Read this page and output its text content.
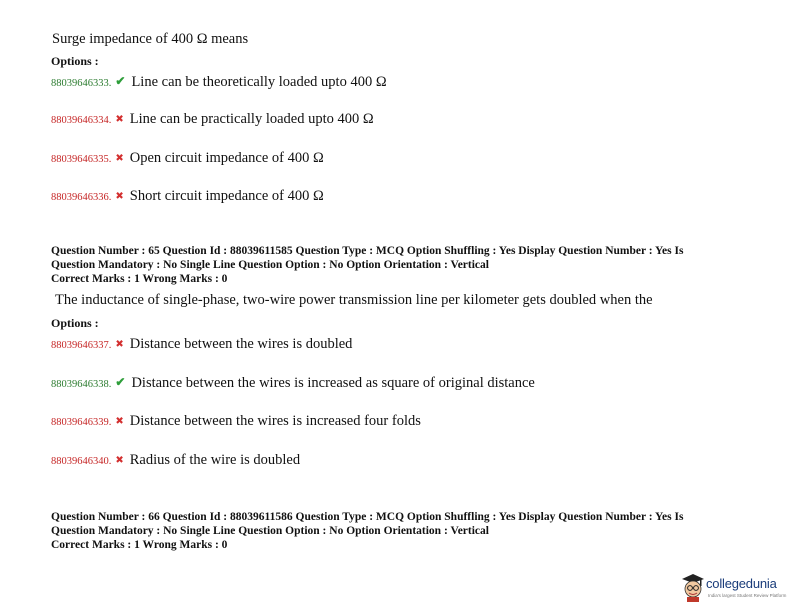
Surge impedance of 400 Ω means
Options :
88039646333. ✔ Line can be theoretically loaded upto 400 Ω
88039646334. ✖ Line can be practically loaded upto 400 Ω
88039646335. ✖ Open circuit impedance of 400 Ω
88039646336. ✖ Short circuit impedance of 400 Ω
Question Number : 65 Question Id : 88039611585 Question Type : MCQ Option Shuffling : Yes Display Question Number : Yes Is
Question Mandatory : No Single Line Question Option : No Option Orientation : Vertical
Correct Marks : 1 Wrong Marks : 0
The inductance of single-phase, two-wire power transmission line per kilometer gets doubled when the
Options :
88039646337. ✖ Distance between the wires is doubled
88039646338. ✔ Distance between the wires is increased as square of original distance
88039646339. ✖ Distance between the wires is increased four folds
88039646340. ✖ Radius of the wire is doubled
Question Number : 66 Question Id : 88039611586 Question Type : MCQ Option Shuffling : Yes Display Question Number : Yes Is
Question Mandatory : No Single Line Question Option : No Option Orientation : Vertical
Correct Marks : 1 Wrong Marks : 0
collegedunia
India's largest Student Review Platform
